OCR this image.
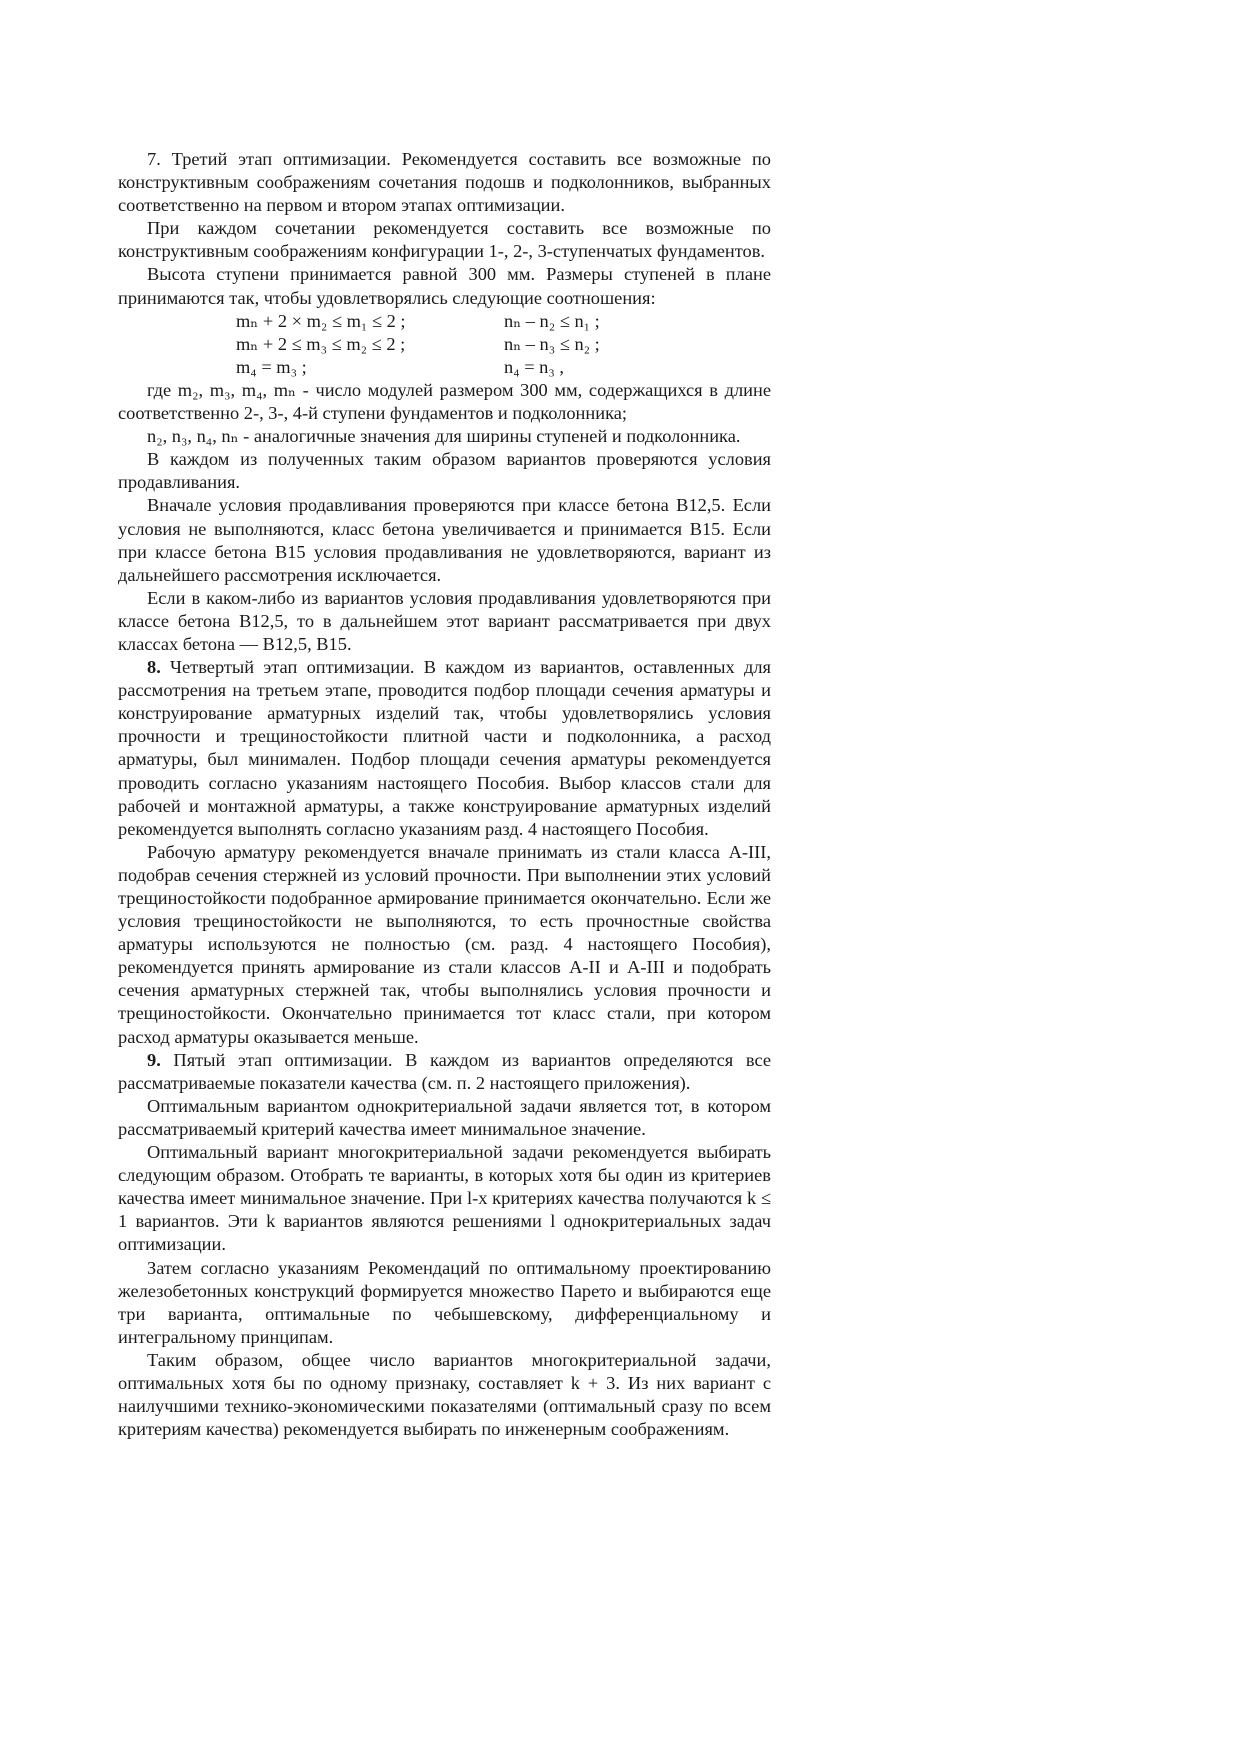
7. Третий этап оптимизации. Рекомендуется составить все возможные по конструктивным соображениям сочетания подошв и подколонников, выбранных соответственно на первом и втором этапах оптимизации.

При каждом сочетании рекомендуется составить все возможные по конструктивным соображениям конфигурации 1-, 2-, 3-ступенчатых фундаментов.

Высота ступени принимается равной 300 мм. Размеры ступеней в плане принимаются так, чтобы удовлетворялись следующие соотношения:

mₙ + 2 × m₂ ≤ m₁ ≤ 2 ;	nₙ – n₂ ≤ n₁ ;
mₙ + 2 ≤ m₃ ≤ m₂ ≤ 2 ;	nₙ – n₃ ≤ n₂ ;
m₄ = m₃ ;	n₄ = n₃ ,

где m₂, m₃, m₄, mₙ - число модулей размером 300 мм, содержащихся в длине соответственно 2-, 3-, 4-й ступени фундаментов и подколонника;

n₂, n₃, n₄, nₙ - аналогичные значения для ширины ступеней и подколонника.

В каждом из полученных таким образом вариантов проверяются условия продавливания.

Вначале условия продавливания проверяются при классе бетона В12,5. Если условия не выполняются, класс бетона увеличивается и принимается В15. Если при классе бетона В15 условия продавливания не удовлетворяются, вариант из дальнейшего рассмотрения исключается.

Если в каком-либо из вариантов условия продавливания удовлетворяются при классе бетона В12,5, то в дальнейшем этот вариант рассматривается при двух классах бетона — В12,5, В15.

8. Четвертый этап оптимизации. В каждом из вариантов, оставленных для рассмотрения на третьем этапе, проводится подбор площади сечения арматуры и конструирование арматурных изделий так, чтобы удовлетворялись условия прочности и трещиностойкости плитной части и подколонника, а расход арматуры, был минимален. Подбор площади сечения арматуры рекомендуется проводить согласно указаниям настоящего Пособия. Выбор классов стали для рабочей и монтажной арматуры, а также конструирование арматурных изделий рекомендуется выполнять согласно указаниям разд. 4 настоящего Пособия.

Рабочую арматуру рекомендуется вначале принимать из стали класса А-III, подобрав сечения стержней из условий прочности. При выполнении этих условий трещиностойкости подобранное армирование принимается окончательно. Если же условия трещиностойкости не выполняются, то есть прочностные свойства арматуры используются не полностью (см. разд. 4 настоящего Пособия), рекомендуется принять армирование из стали классов А-II и А-III и подобрать сечения арматурных стержней так, чтобы выполнялись условия прочности и трещиностойкости. Окончательно принимается тот класс стали, при котором расход арматуры оказывается меньше.

9. Пятый этап оптимизации. В каждом из вариантов определяются все рассматриваемые показатели качества (см. п. 2 настоящего приложения).

Оптимальным вариантом однокритериальной задачи является тот, в котором рассматриваемый критерий качества имеет минимальное значение.

Оптимальный вариант многокритериальной задачи рекомендуется выбирать следующим образом. Отобрать те варианты, в которых хотя бы один из критериев качества имеет минимальное значение. При l-х критериях качества получаются k ≤ 1 вариантов. Эти k вариантов являются решениями l однокритериальных задач оптимизации.

Затем согласно указаниям Рекомендаций по оптимальному проектированию железобетонных конструкций формируется множество Парето и выбираются еще три варианта, оптимальные по чебышевскому, дифференциальному и интегральному принципам.

Таким образом, общее число вариантов многокритериальной задачи, оптимальных хотя бы по одному признаку, составляет k + 3. Из них вариант с наилучшими технико-экономическими показателями (оптимальный сразу по всем критериям качества) рекомендуется выбирать по инженерным соображениям.
